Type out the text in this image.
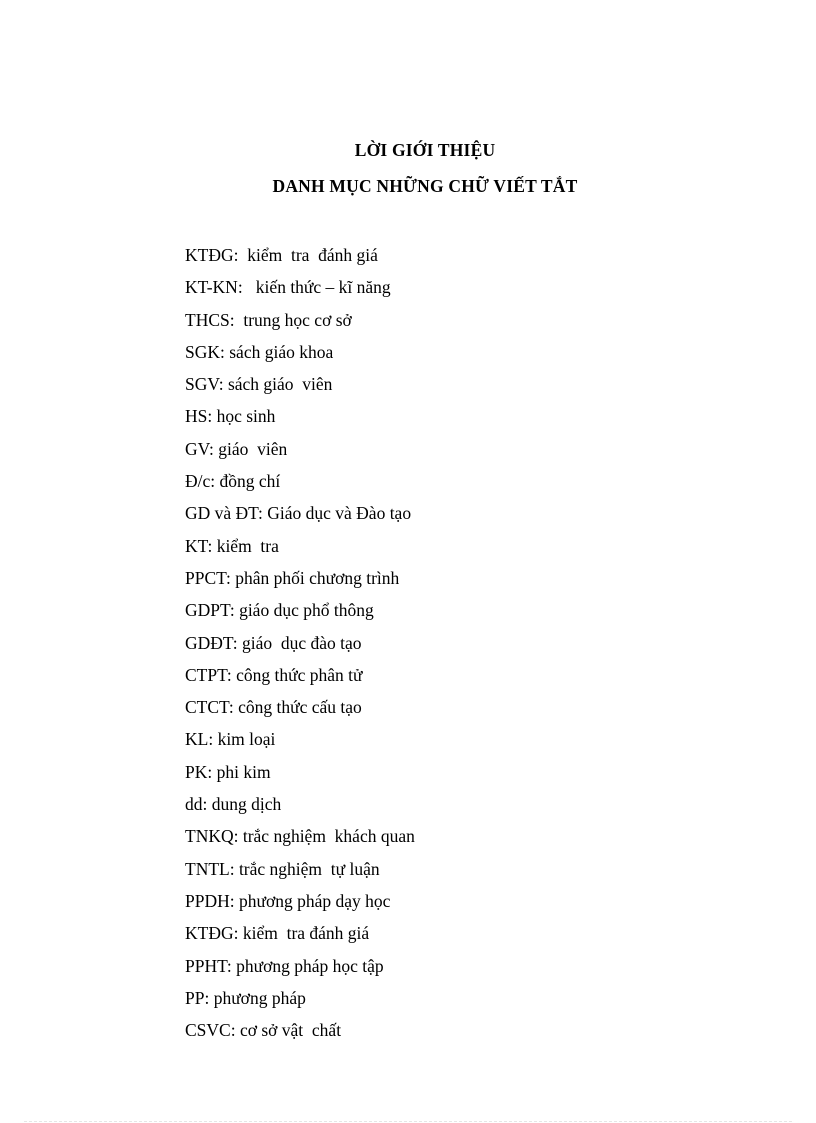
LỜI GIỚI THIỆU
DANH MỤC NHỮNG CHỮ VIẾT TẮT
KTĐG:  kiểm  tra  đánh giá
KT-KN:   kiến thức – kĩ năng
THCS:  trung học cơ sở
SGK: sách giáo khoa
SGV: sách giáo  viên
HS: học sinh
GV: giáo  viên
Đ/c: đồng chí
GD và ĐT: Giáo dục và Đào tạo
KT: kiểm  tra
PPCT: phân phối chương trình
GDPT: giáo dục phổ thông
GDĐT: giáo  dục đào tạo
CTPT: công thức phân tử
CTCT: công thức cấu tạo
KL: kim loại
PK: phi kim
dd: dung dịch
TNKQ: trắc nghiệm  khách quan
TNTL: trắc nghiệm  tự luận
PPDH: phương pháp dạy học
KTĐG: kiểm  tra đánh giá
PPHT: phương pháp học tập
PP: phương pháp
CSVC: cơ sở vật  chất
